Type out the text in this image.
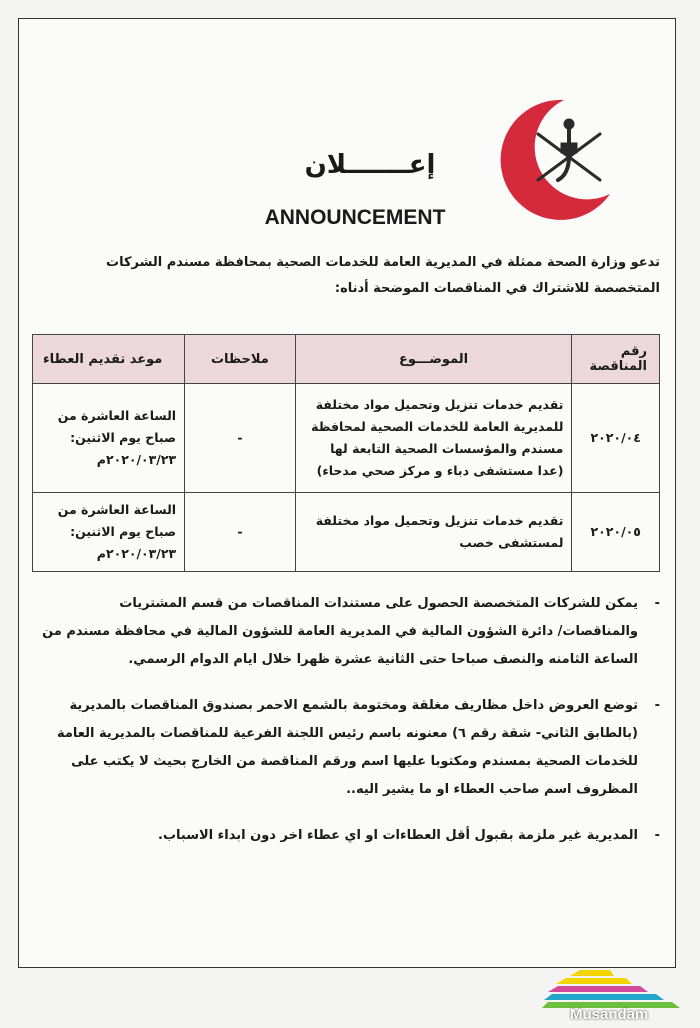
إعـــــــلان
ANNOUNCEMENT
تدعو وزارة الصحة ممثلة في المديرية العامة للخدمات الصحية بمحافظة مسندم الشركات المتخصصة للاشتراك في المناقصات الموضحة أدناه:
رقم المناقصة	الموضـــوع	ملاحظات	موعد تقديم العطاء
٢٠٢٠/٠٤	تقديم خدمات تنزيل وتحميل مواد مختلفة للمديرية العامة للخدمات الصحية لمحافظة مسندم والمؤسسات الصحية التابعة لها (عدا مستشفى دباء و مركز صحي مدحاء)	-	الساعة العاشرة من صباح يوم الاثنين: ٢٠٢٠/٠٣/٢٣م
٢٠٢٠/٠٥	تقديم خدمات تنزيل وتحميل مواد مختلفة لمستشفى خصب	-	الساعة العاشرة من صباح يوم الاثنين: ٢٠٢٠/٠٣/٢٣م
-
يمكن للشركات المتخصصة الحصول على مستندات المناقصات من قسم المشتريات والمناقصات/ دائرة الشؤون المالية في المديرية العامة للشؤون المالية في محافظة مسندم من الساعة الثامنه والنصف صباحا حتى الثانية عشرة ظهرا خلال ايام الدوام الرسمي.
-
توضع العروض داخل مظاريف مغلقة ومختومة بالشمع الاحمر بصندوق المناقصات بالمديرية (بالطابق الثاني- شقة رقم ٦) معنونه باسم رئيس اللجنة الفرعية للمناقصات بالمديرية العامة للخدمات الصحية بمسندم ومكتوبا عليها اسم ورقم المناقصة من الخارج بحيث لا يكتب على المظروف اسم صاحب العطاء او ما يشير اليه..
-
المديرية غير ملزمة بقبول أقل العطاءات او اي عطاء اخر دون ابداء الاسباب.
Musandam
